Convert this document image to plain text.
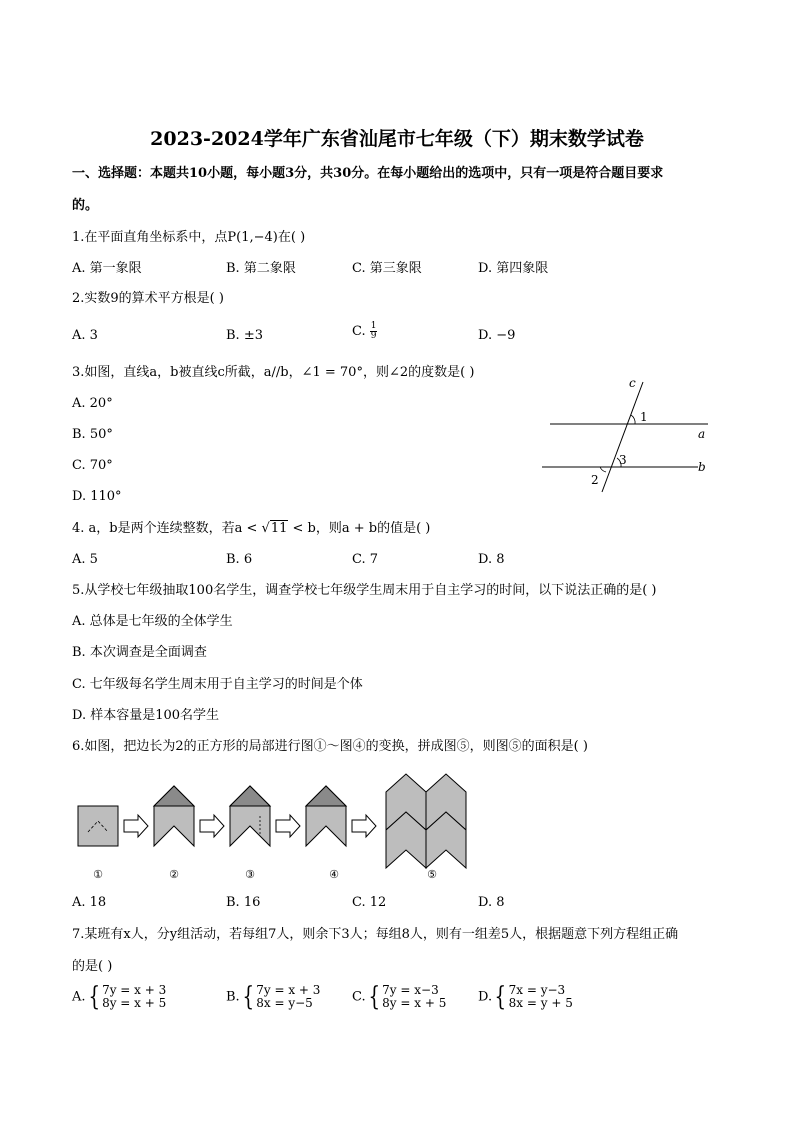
2023-2024学年广东省汕尾市七年级（下）期末数学试卷
一、选择题：本题共10小题，每小题3分，共30分。在每小题给出的选项中，只有一项是符合题目要求
的。
1.在平面直角坐标系中，点P(1,−4)在( )
A. 第一象限	B. 第二象限	C. 第三象限	D. 第四象限
2.实数9的算术平方根是( )
A. 3	B. ±3	C. $\frac{1}{9}$	D. −9
3.如图，直线a，b被直线c所截，a//b，∠1 = 70°，则∠2的度数是( )
A. 20°
B. 50°
C. 70°
D. 110°
c
1
a
3	b
2
4. a，b是两个连续整数，若a < √11 < b，则a + b的值是( )
A. 5	B. 6	C. 7	D. 8
5.从学校七年级抽取100名学生，调查学校七年级学生周末用于自主学习的时间，以下说法正确的是( )
A. 总体是七年级的全体学生
B. 本次调查是全面调查
C. 七年级每名学生周末用于自主学习的时间是个体
D. 样本容量是100名学生
6.如图，把边长为2的正方形的局部进行图①～图④的变换，拼成图⑤，则图⑤的面积是( )
①	②	③	④	⑤
A. 18	B. 16	C. 12	D. 8
7.某班有x人，分y组活动，若每组7人，则余下3人；每组8人，则有一组差5人，根据题意下列方程组正确
的是( )
A.{ 7y = x + 3
8y = x + 5	B.{ 7y = x + 3
8x = y−5	C.{ 7y = x−3
8y = x + 5 D.{ 7x = y−3
8x = y + 5
